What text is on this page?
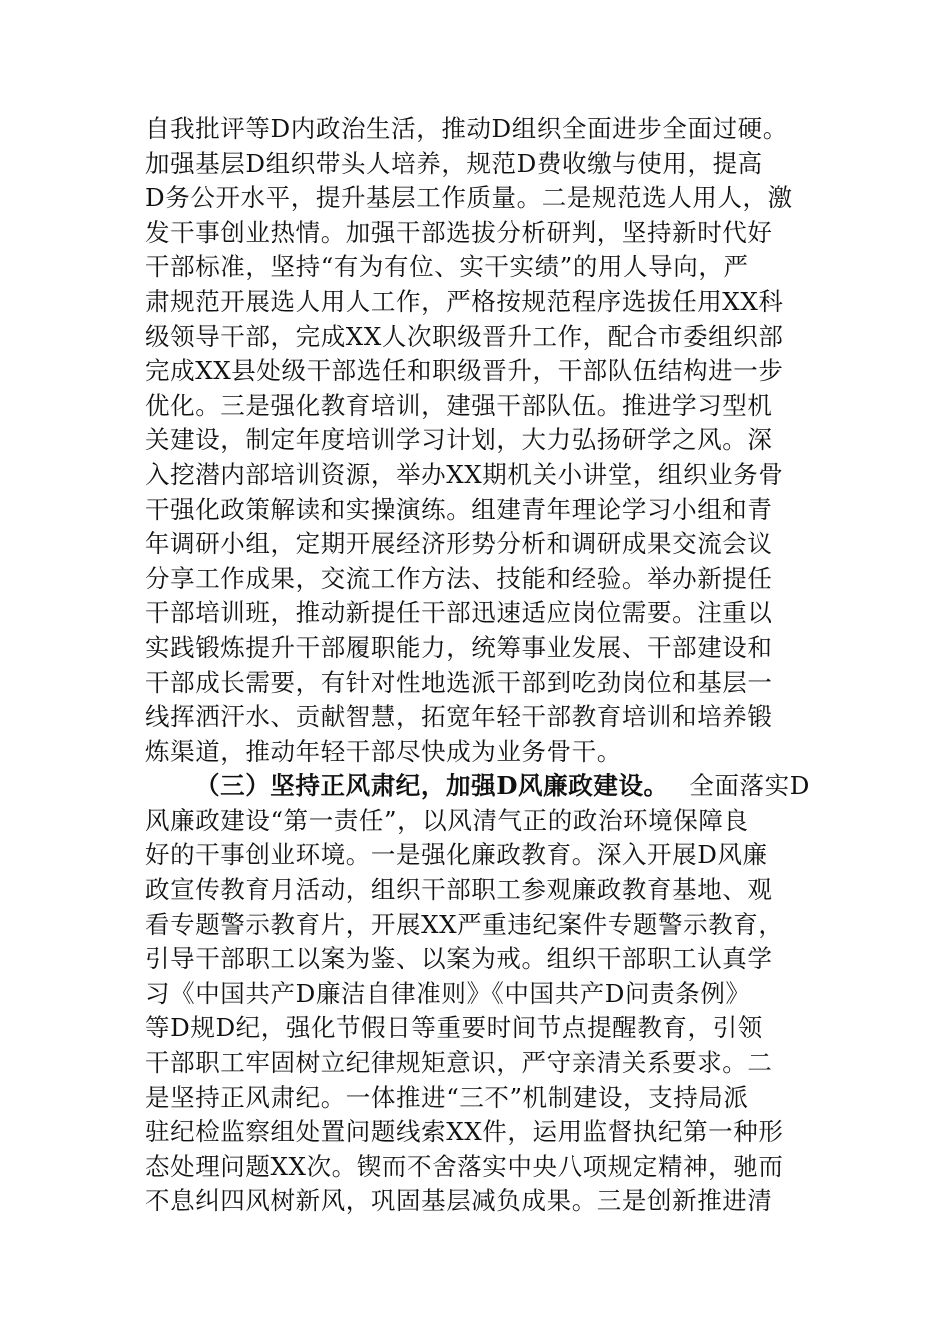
自我批评等D内政治生活，推动D组织全面进步全面过硬。
加强基层D组织带头人培养，规范D费收缴与使用，提高
D务公开水平，提升基层工作质量。二是规范选人用人，激
发干事创业热情。加强干部选拔分析研判，坚持新时代好
干部标准，坚持“有为有位、实干实绩”的用人导向，严
肃规范开展选人用人工作，严格按规范程序选拔任用XX科
级领导干部，完成XX人次职级晋升工作，配合市委组织部
完成XX县处级干部选任和职级晋升，干部队伍结构进一步
优化。三是强化教育培训，建强干部队伍。推进学习型机
关建设，制定年度培训学习计划，大力弘扬研学之风。深
入挖潜内部培训资源，举办XX期机关小讲堂，组织业务骨
干强化政策解读和实操演练。组建青年理论学习小组和青
年调研小组，定期开展经济形势分析和调研成果交流会议
分享工作成果，交流工作方法、技能和经验。举办新提任
干部培训班，推动新提任干部迅速适应岗位需要。注重以
实践锻炼提升干部履职能力，统筹事业发展、干部建设和
干部成长需要，有针对性地选派干部到吃劲岗位和基层一
线挥洒汗水、贡献智慧，拓宽年轻干部教育培训和培养锻
炼渠道，推动年轻干部尽快成为业务骨干。
（三）坚持正风肃纪，加强D风廉政建设。 全面落实D
风廉政建设“第一责任”，以风清气正的政治环境保障良
好的干事创业环境。一是强化廉政教育。深入开展D风廉
政宣传教育月活动，组织干部职工参观廉政教育基地、观
看专题警示教育片，开展XX严重违纪案件专题警示教育，
引导干部职工以案为鉴、以案为戒。组织干部职工认真学
习《中国共产D廉洁自律准则》《中国共产D问责条例》
等D规D纪，强化节假日等重要时间节点提醒教育，引领
干部职工牢固树立纪律规矩意识，严守亲清关系要求。二
是坚持正风肃纪。一体推进“三不”机制建设，支持局派
驻纪检监察组处置问题线索XX件，运用监督执纪第一种形
态处理问题XX次。锲而不舍落实中央八项规定精神，驰而
不息纠四风树新风，巩固基层减负成果。三是创新推进清
